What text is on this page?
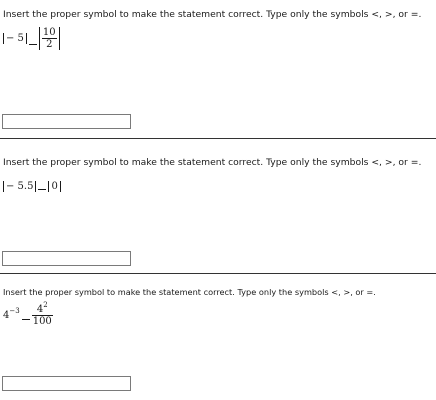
Insert the proper symbol to make the statement correct. Type only the symbols <, >, or =.
− $5 \frac{10}{2}$
Insert the proper symbol to make the statement correct. Type only the symbols <, >, or =.
− 5.5 0
Insert the proper symbol to make the statement correct. Type only the symbols <, >, or =.
$4^{-3} \frac{4^2}{100}$
